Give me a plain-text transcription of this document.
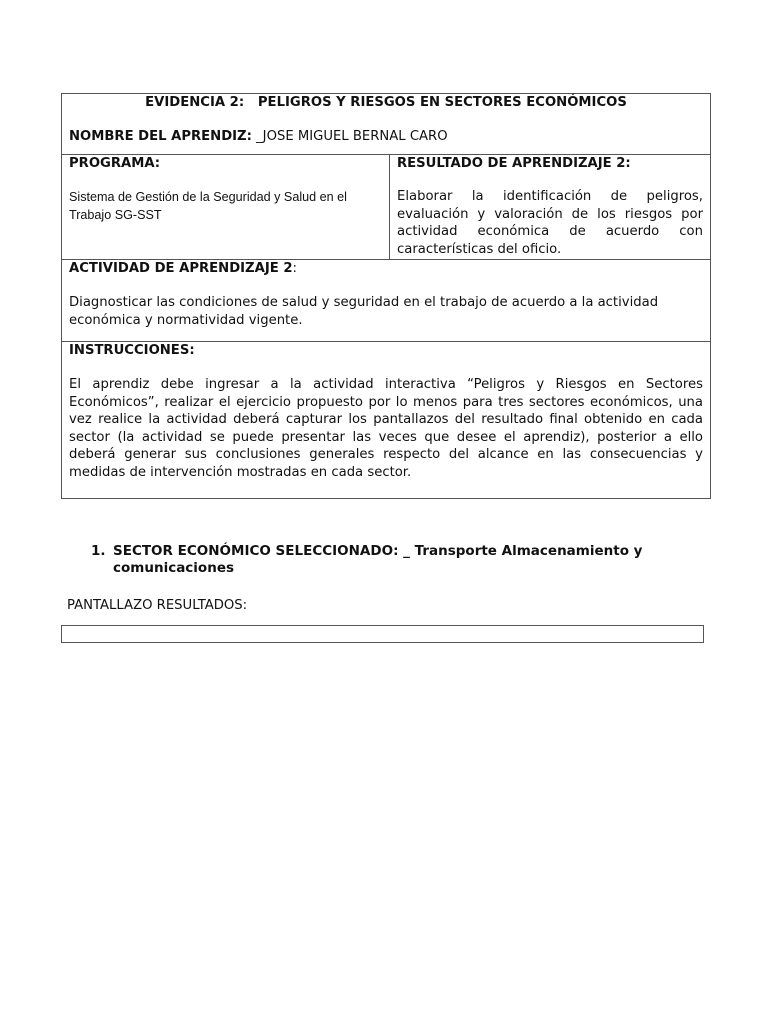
EVIDENCIA 2:   PELIGROS Y RIESGOS EN SECTORES ECONÓMICOS
NOMBRE DEL APRENDIZ: _JOSE MIGUEL BERNAL CARO

PROGRAMA:
Sistema de Gestión de la Seguridad y Salud en el Trabajo SG-SST

RESULTADO DE APRENDIZAJE 2:
Elaborar la identificación de peligros, evaluación y valoración de los riesgos por actividad económica de acuerdo con características del oficio.

ACTIVIDAD DE APRENDIZAJE 2:
Diagnosticar las condiciones de salud y seguridad en el trabajo de acuerdo a la actividad económica y normatividad vigente.

INSTRUCCIONES:
El aprendiz debe ingresar a la actividad interactiva “Peligros y Riesgos en Sectores Económicos”, realizar el ejercicio propuesto por lo menos para tres sectores económicos, una vez realice la actividad deberá capturar los pantallazos del resultado final obtenido en cada sector (la actividad se puede presentar las veces que desee el aprendiz), posterior a ello deberá generar sus conclusiones generales respecto del alcance en las consecuencias y medidas de intervención mostradas en cada sector.
1. SECTOR ECONÓMICO SELECCIONADO: _ Transporte Almacenamiento y comunicaciones
PANTALLAZO RESULTADOS:
